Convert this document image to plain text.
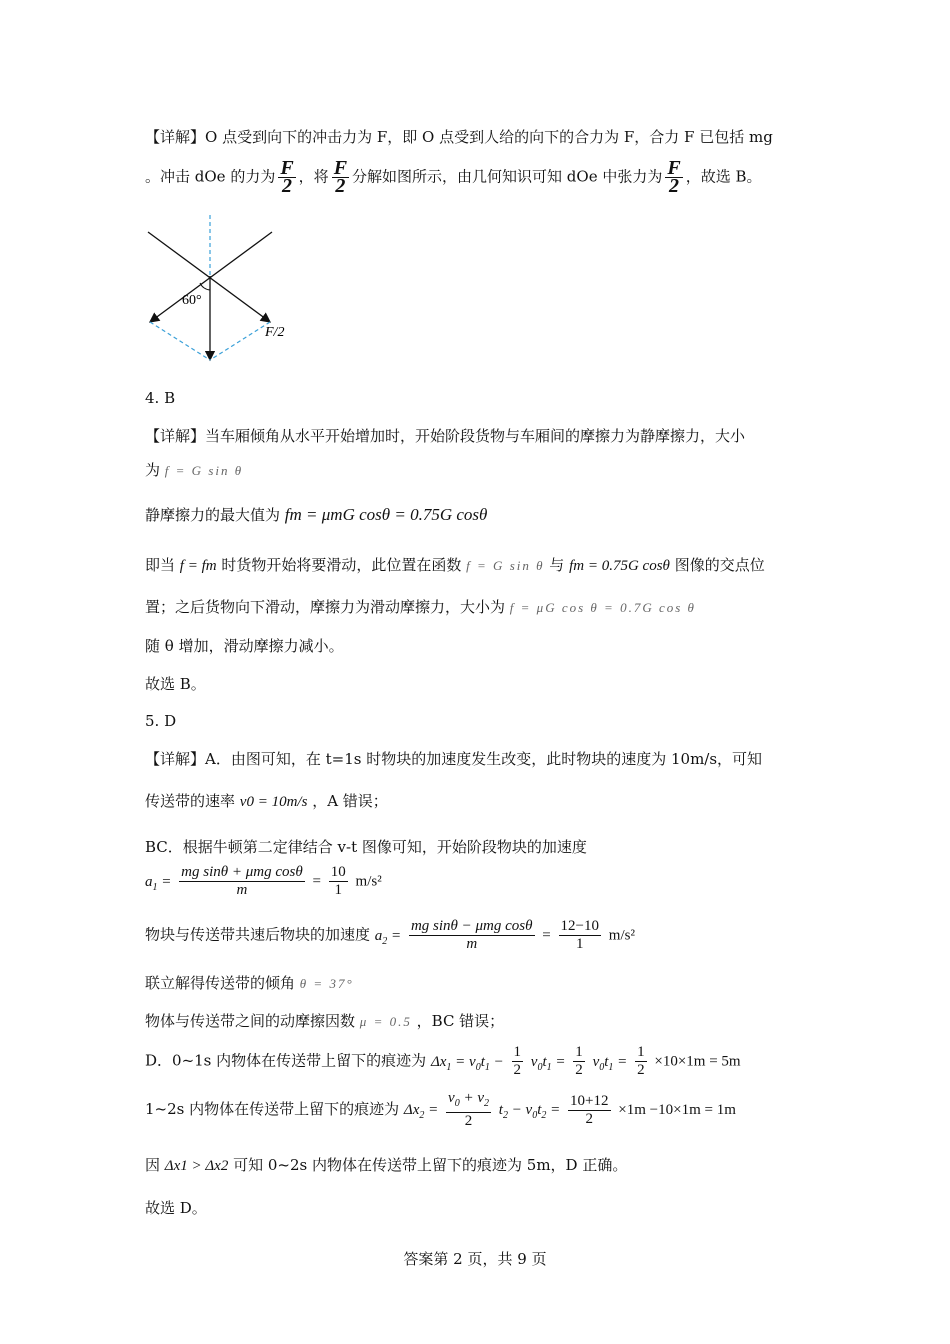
【详解】O 点受到向下的冲击力为 F，即 O 点受到人给的向下的合力为 F，合力 F 已包括 mg
。冲击 dOe 的力为 $\frac{F}{2}$ ，将 $\frac{F}{2}$ 分解如图所示，由几何知识可知 dOe 中张力为 $\frac{F}{2}$ ，故选 B。
60°
F/2
4. B
【详解】当车厢倾角从水平开始增加时，开始阶段货物与车厢间的摩擦力为静摩擦力，大小
为 f = G sin θ
静摩擦力的最大值为 fm = μmG cosθ = 0.75G cosθ
即当 f = fm 时货物开始将要滑动，此位置在函数 f = G sin θ 与 fm = 0.75G cosθ 图像的交点位
置；之后货物向下滑动，摩擦力为滑动摩擦力，大小为 f = μG cos θ = 0.7G cos θ
随 θ 增加，滑动摩擦力减小。
故选 B。
5. D
【详解】A．由图可知，在 t=1s 时物块的加速度发生改变，此时物块的速度为 10m/s，可知
传送带的速率 v0 = 10m/s ，A 错误；
BC．根据牛顿第二定律结合 v-t 图像可知，开始阶段物块的加速度
$a_1 = \frac{\text{mg sinθ + μmg cosθ}}{m} = \frac{10}{1} m/s^2$
物块与传送带共速后物块的加速度 $a_2 = \frac{\text{mg sinθ − μmg cosθ}}{m} = \frac{12-10}{1} m/s^2$
联立解得传送带的倾角 θ = 37°
物体与传送带之间的动摩擦因数 μ = 0.5 ，BC 错误；
D．0~1s 内物体在传送带上留下的痕迹为 $\Delta x_1 = v_0t_1 - \frac{1}{2} v_0t_1 = \frac{1}{2} v_0t_1 = \frac{1}{2} \times 10\times 1m = 5m$
1~2s 内物体在传送带上留下的痕迹为 $\Delta x_2 = \frac{v_0 + v_2}{2} t_2 - v_0t_2 = \frac{10+12}{2} \times 1m -10\times 1m = 1m$
因 Δx1 > Δx2 可知 0~2s 内物体在传送带上留下的痕迹为 5m，D 正确。
故选 D。
答案第 2 页，共 9 页
